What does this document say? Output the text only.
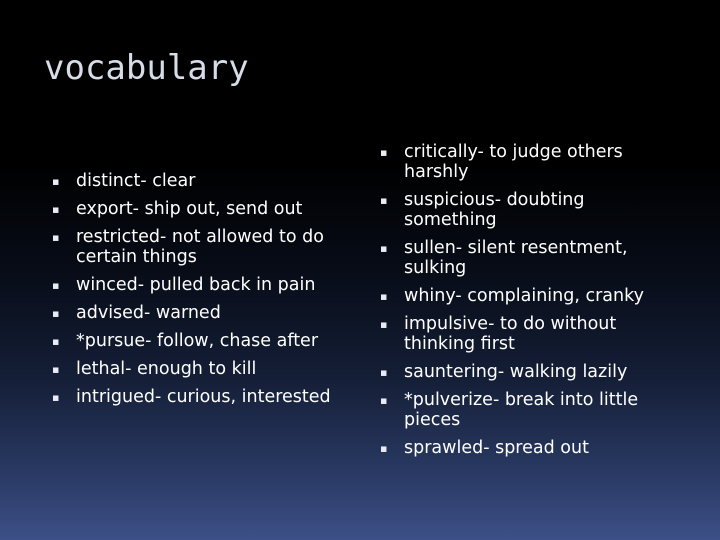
vocabulary
▪ distinct- clear
▪ export- ship out, send out
▪ restricted- not allowed to do certain things
▪ winced- pulled back in pain
▪ advised- warned
▪ *pursue- follow, chase after
▪ lethal- enough to kill
▪ intrigued- curious, interested
▪ critically- to judge others harshly
▪ suspicious- doubting something
▪ sullen- silent resentment, sulking
▪ whiny- complaining, cranky
▪ impulsive- to do without thinking first
▪ sauntering- walking lazily
▪ *pulverize- break into little pieces
▪ sprawled- spread out
